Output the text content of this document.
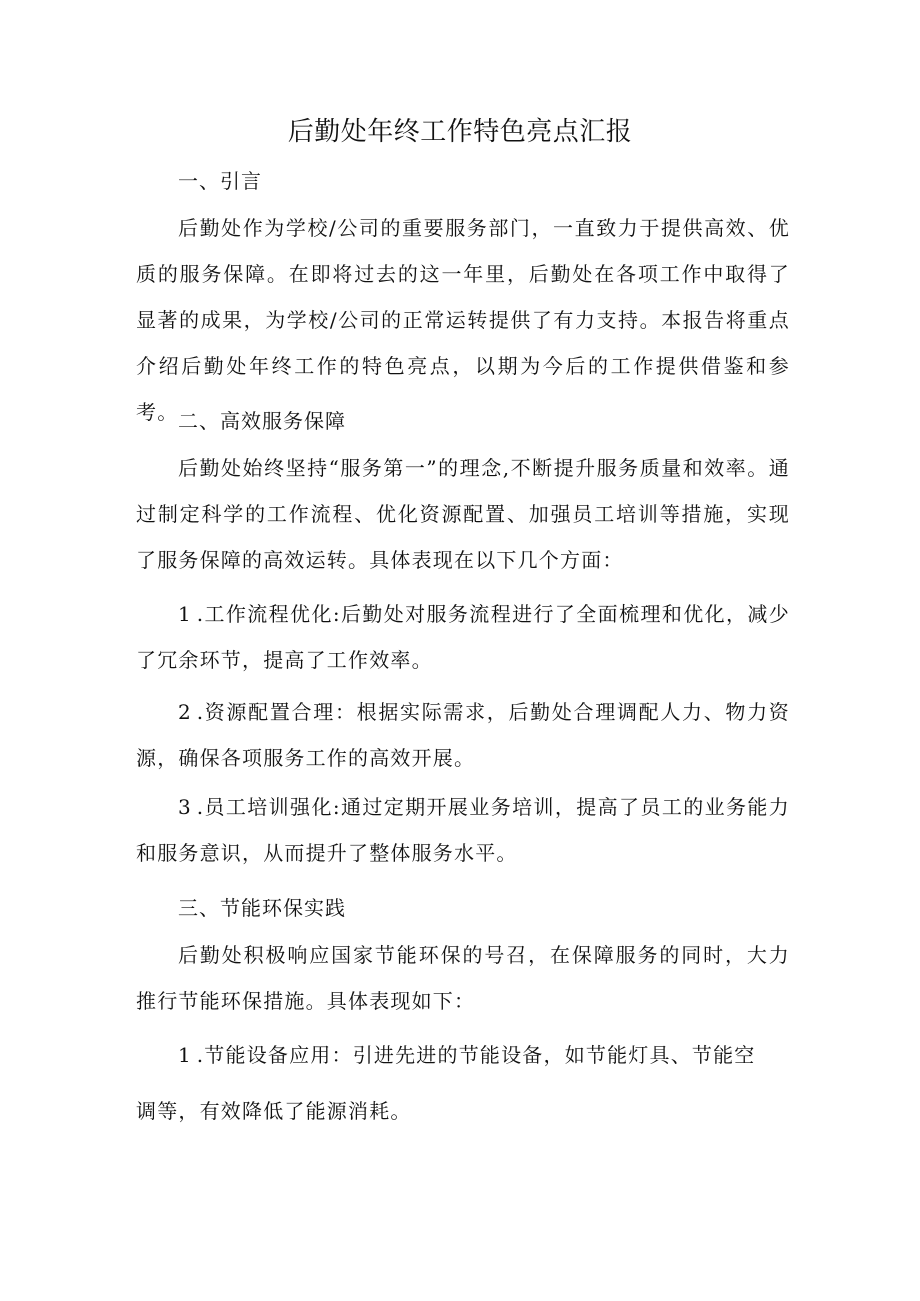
后勤处年终工作特色亮点汇报
一、引言

后勤处作为学校/公司的重要服务部门，一直致力于提供高效、优质的服务保障。在即将过去的这一年里，后勤处在各项工作中取得了显著的成果，为学校/公司的正常运转提供了有力支持。本报告将重点介绍后勤处年终工作的特色亮点，以期为今后的工作提供借鉴和参考。 二、高效服务保障

后勤处始终坚持“服务第一”的理念,不断提升服务质量和效率。通过制定科学的工作流程、优化资源配置、加强员工培训等措施，实现了服务保障的高效运转。具体表现在以下几个方面：

1.工作流程优化:后勤处对服务流程进行了全面梳理和优化，减少了冗余环节，提高了工作效率。

2.资源配置合理：根据实际需求，后勤处合理调配人力、物力资源，确保各项服务工作的高效开展。

3.员工培训强化:通过定期开展业务培训，提高了员工的业务能力和服务意识，从而提升了整体服务水平。

三、节能环保实践

后勤处积极响应国家节能环保的号召，在保障服务的同时，大力推行节能环保措施。具体表现如下：

1.节能设备应用：引进先进的节能设备，如节能灯具、节能空
调等，有效降低了能源消耗。
